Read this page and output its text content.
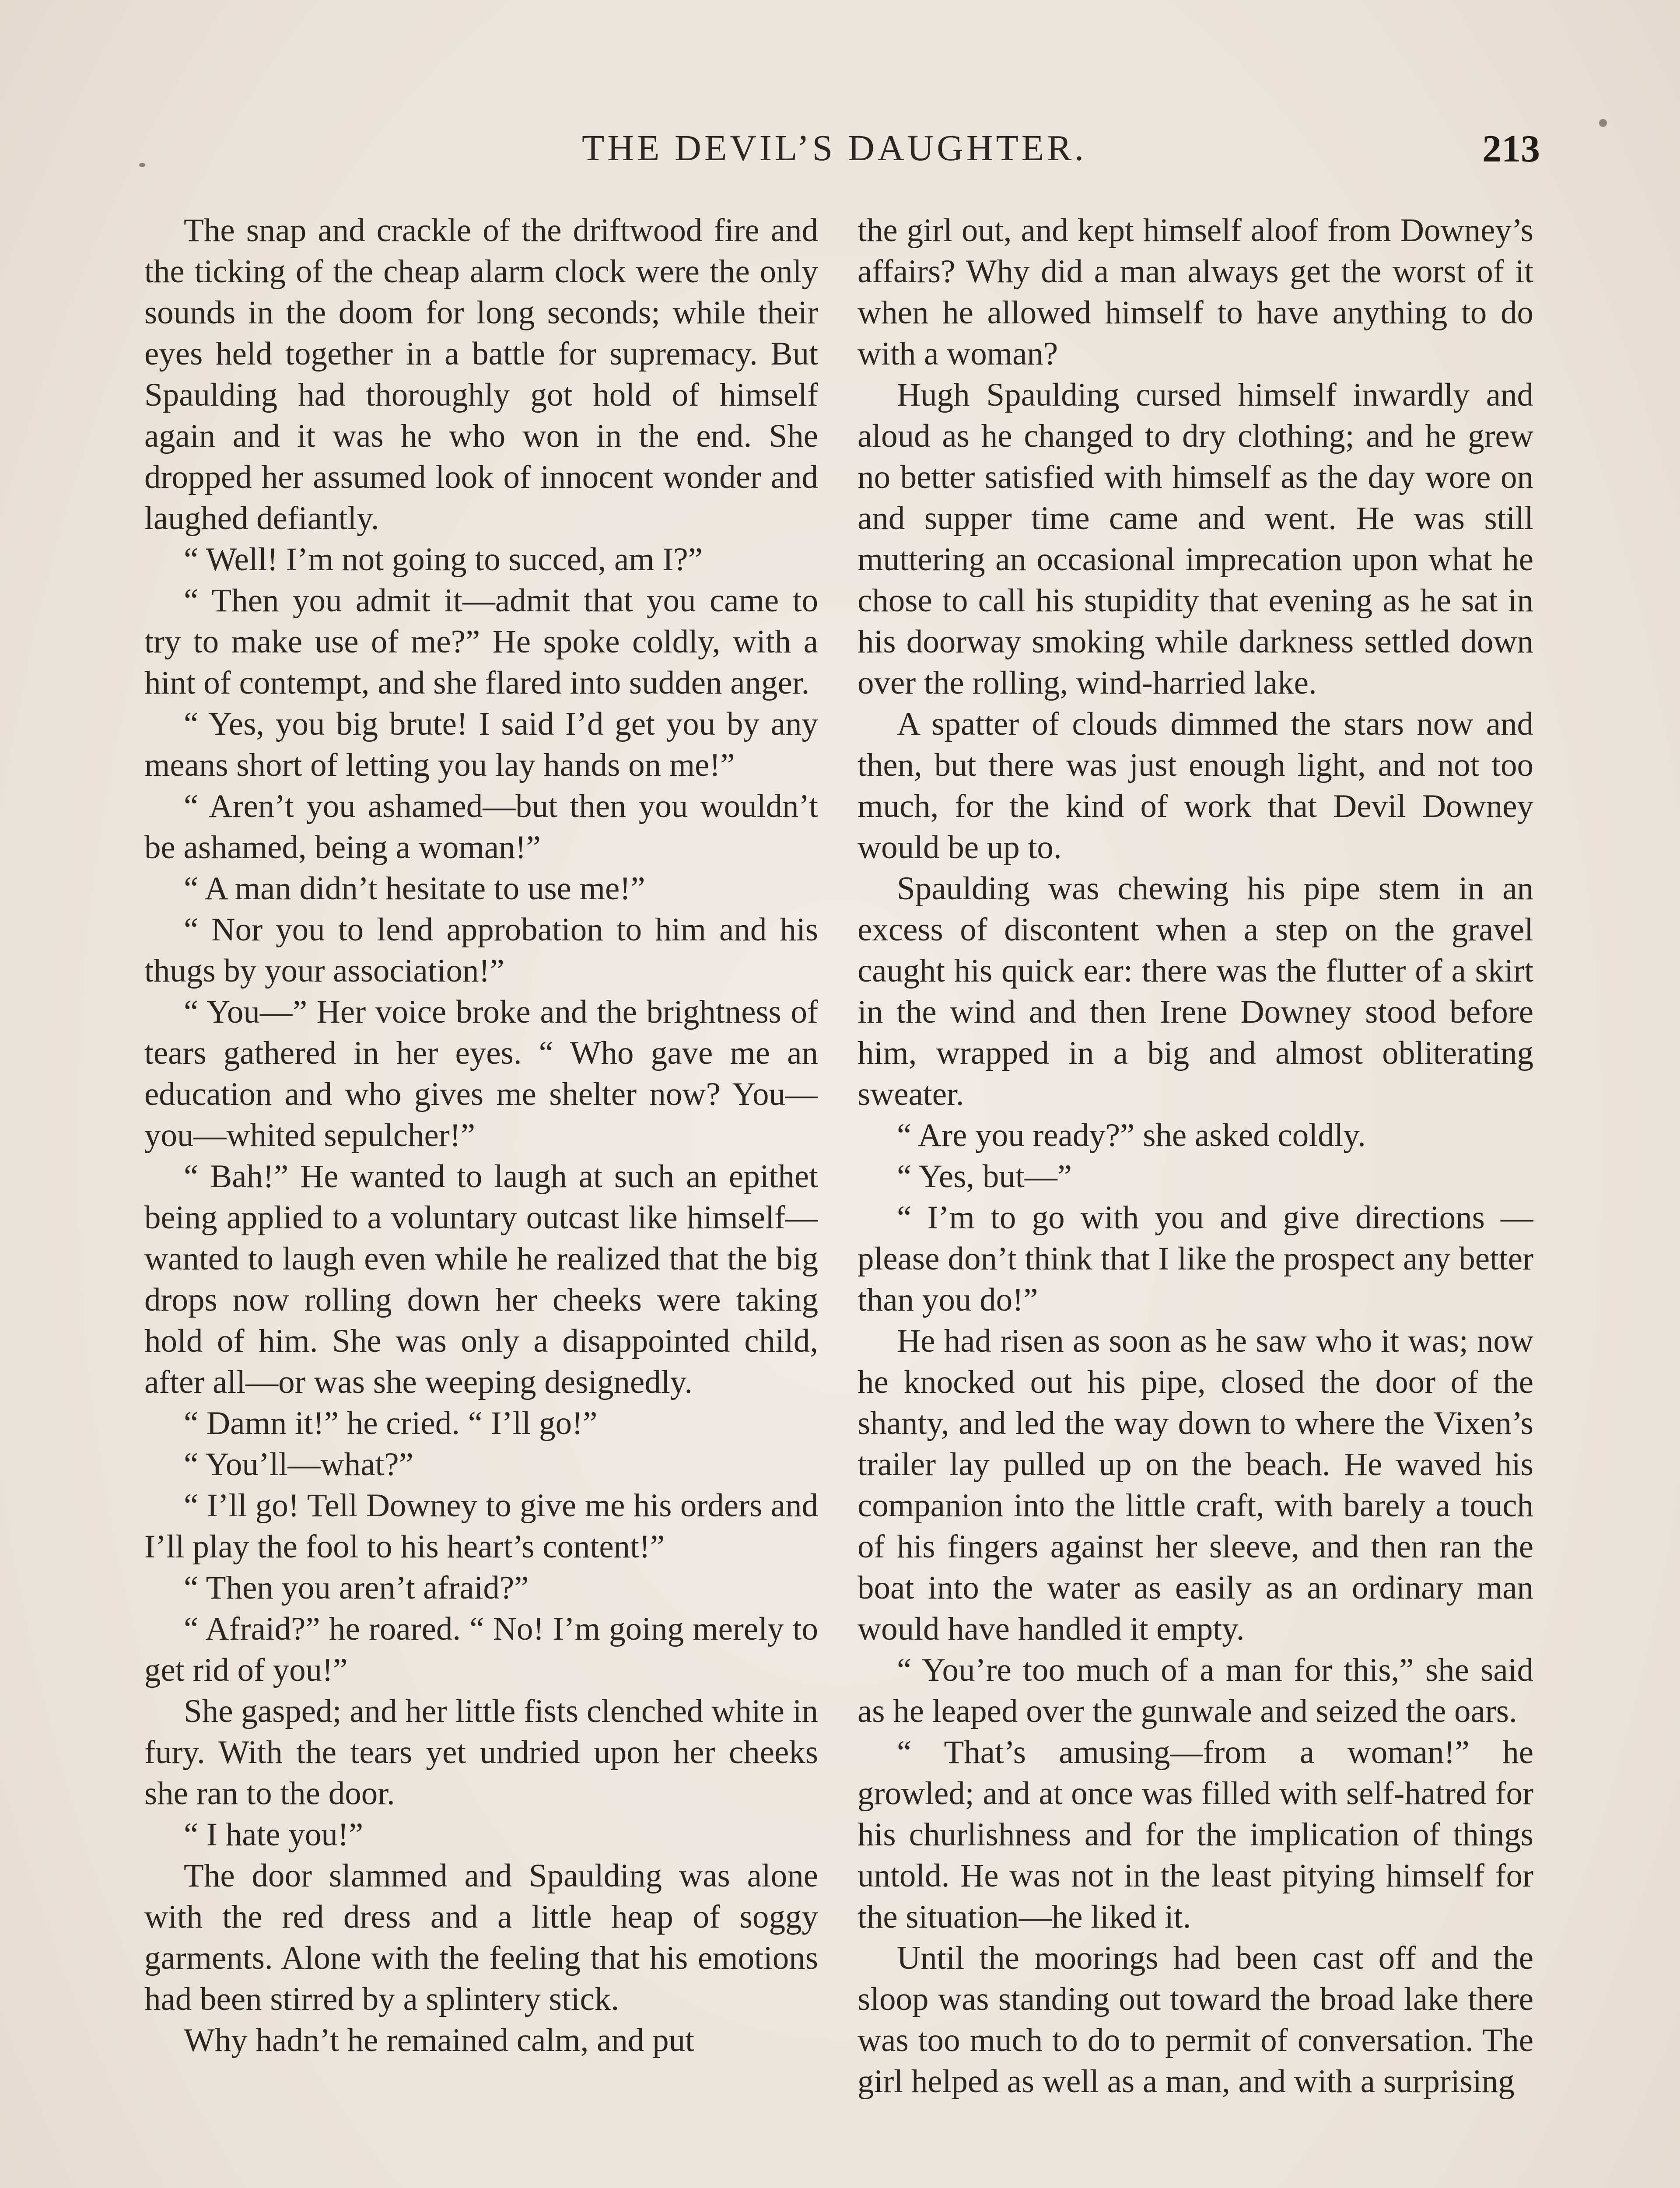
THE DEVIL’S DAUGHTER.	213

The snap and crackle of the driftwood fire and the ticking of the cheap alarm clock were the only sounds in the doom for long seconds; while their eyes held together in a battle for supremacy. But Spaulding had thoroughly got hold of himself again and it was he who won in the end. She dropped her assumed look of innocent wonder and laughed defiantly.

“ Well! I’m not going to succed, am I?”

“ Then you admit it—admit that you came to try to make use of me?” He spoke coldly, with a hint of contempt, and she flared into sudden anger.

“ Yes, you big brute! I said I’d get you by any means short of letting you lay hands on me!”

“ Aren’t you ashamed—but then you wouldn’t be ashamed, being a woman!”

“ A man didn’t hesitate to use me!”

“ Nor you to lend approbation to him and his thugs by your association!”

“ You—” Her voice broke and the brightness of tears gathered in her eyes. “ Who gave me an education and who gives me shelter now? You—you—whited sepulcher!”

“ Bah!” He wanted to laugh at such an epithet being applied to a voluntary outcast like himself—wanted to laugh even while he realized that the big drops now rolling down her cheeks were taking hold of him. She was only a disappointed child, after all—or was she weeping designedly.

“ Damn it!” he cried. “ I’ll go!”

“ You’ll—what?”

“ I’ll go! Tell Downey to give me his orders and I’ll play the fool to his heart’s content!”

“ Then you aren’t afraid?”

“ Afraid?” he roared. “ No! I’m going merely to get rid of you!”

She gasped; and her little fists clenched white in fury. With the tears yet undried upon her cheeks she ran to the door.

“ I hate you!”

The door slammed and Spaulding was alone with the red dress and a little heap of soggy garments. Alone with the feeling that his emotions had been stirred by a splintery stick.

Why hadn’t he remained calm, and put

the girl out, and kept himself aloof from Downey’s affairs? Why did a man always get the worst of it when he allowed himself to have anything to do with a woman?

Hugh Spaulding cursed himself inwardly and aloud as he changed to dry clothing; and he grew no better satisfied with himself as the day wore on and supper time came and went. He was still muttering an occasional imprecation upon what he chose to call his stupidity that evening as he sat in his doorway smoking while darkness settled down over the rolling, wind-harried lake.

A spatter of clouds dimmed the stars now and then, but there was just enough light, and not too much, for the kind of work that Devil Downey would be up to.

Spaulding was chewing his pipe stem in an excess of discontent when a step on the gravel caught his quick ear: there was the flutter of a skirt in the wind and then Irene Downey stood before him, wrapped in a big and almost obliterating sweater.

“ Are you ready?” she asked coldly.

“ Yes, but—”

“ I’m to go with you and give directions —please don’t think that I like the prospect any better than you do!”

He had risen as soon as he saw who it was; now he knocked out his pipe, closed the door of the shanty, and led the way down to where the Vixen’s trailer lay pulled up on the beach. He waved his companion into the little craft, with barely a touch of his fingers against her sleeve, and then ran the boat into the water as easily as an ordinary man would have handled it empty.

“ You’re too much of a man for this,” she said as he leaped over the gunwale and seized the oars.

“ That’s amusing—from a woman!” he growled; and at once was filled with self-hatred for his churlishness and for the implication of things untold. He was not in the least pitying himself for the situation—he liked it.

Until the moorings had been cast off and the sloop was standing out toward the broad lake there was too much to do to permit of conversation. The girl helped as well as a man, and with a surprising
